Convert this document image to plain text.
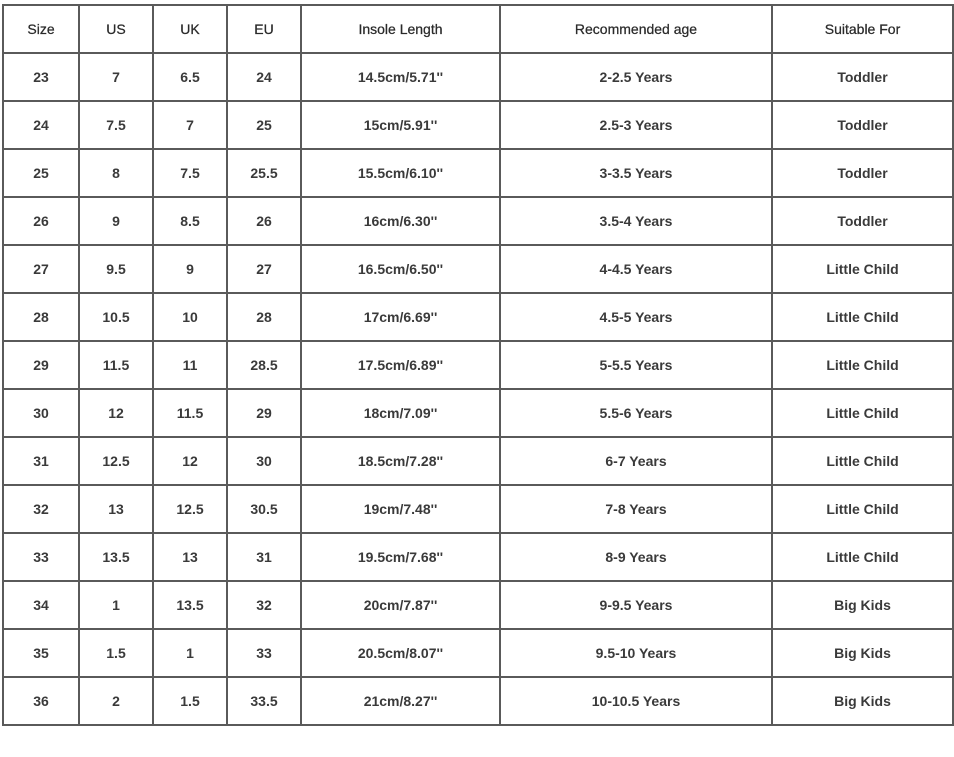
Size	US	UK	EU	Insole Length	Recommended age	Suitable For
23	7	6.5	24	14.5cm/5.71''	2-2.5 Years	Toddler
24	7.5	7	25	15cm/5.91''	2.5-3 Years	Toddler
25	8	7.5	25.5	15.5cm/6.10''	3-3.5 Years	Toddler
26	9	8.5	26	16cm/6.30''	3.5-4 Years	Toddler
27	9.5	9	27	16.5cm/6.50''	4-4.5 Years	Little Child
28	10.5	10	28	17cm/6.69''	4.5-5 Years	Little Child
29	11.5	11	28.5	17.5cm/6.89''	5-5.5 Years	Little Child
30	12	11.5	29	18cm/7.09''	5.5-6 Years	Little Child
31	12.5	12	30	18.5cm/7.28''	6-7 Years	Little Child
32	13	12.5	30.5	19cm/7.48''	7-8 Years	Little Child
33	13.5	13	31	19.5cm/7.68''	8-9 Years	Little Child
34	1	13.5	32	20cm/7.87''	9-9.5 Years	Big Kids
35	1.5	1	33	20.5cm/8.07''	9.5-10 Years	Big Kids
36	2	1.5	33.5	21cm/8.27''	10-10.5 Years	Big Kids
